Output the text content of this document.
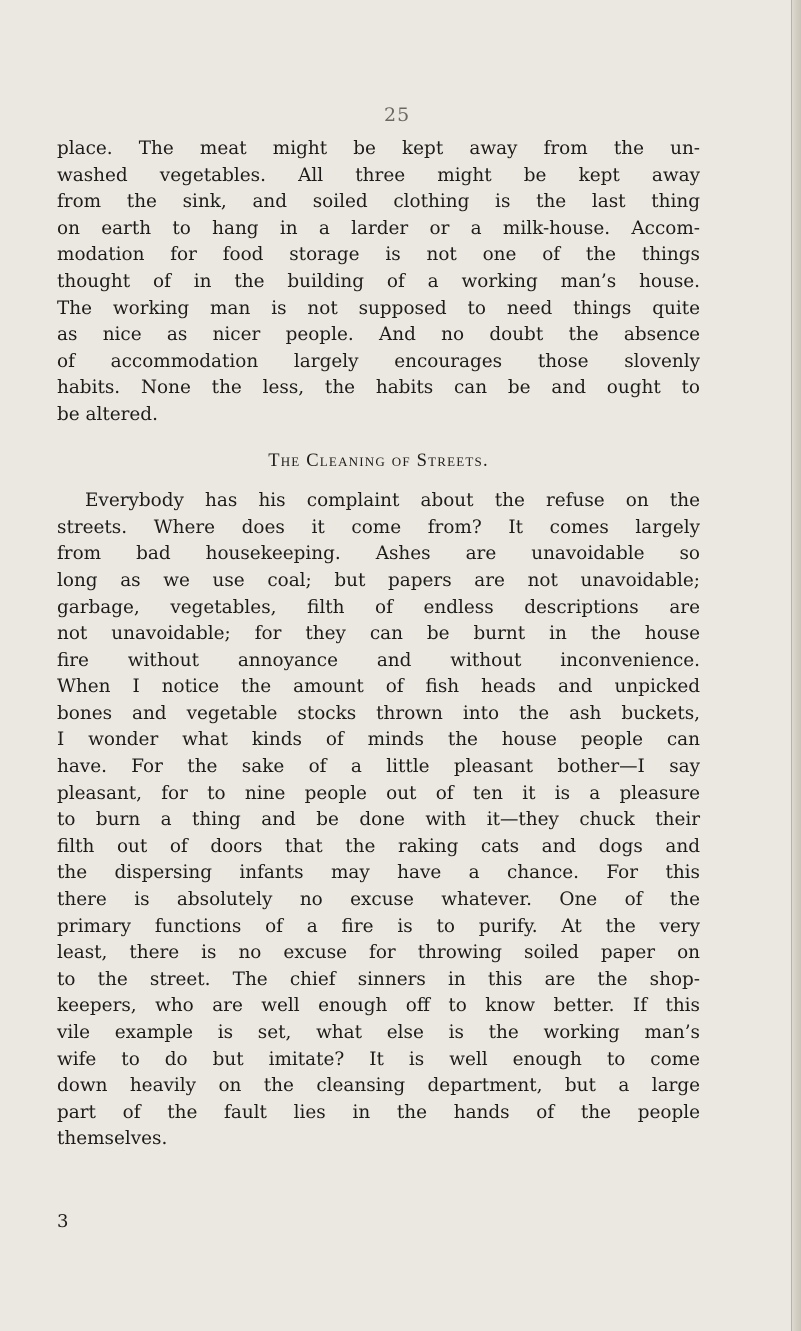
25
place. The meat might be kept away from the un-
washed vegetables. All three might be kept away
from the sink, and soiled clothing is the last thing
on earth to hang in a larder or a milk-house. Accom-
modation for food storage is not one of the things
thought of in the building of a working man’s house.
The working man is not supposed to need things quite
as nice as nicer people. And no doubt the absence
of accommodation largely encourages those slovenly
habits. None the less, the habits can be and ought to
be altered.
The Cleaning of Streets.
Everybody has his complaint about the refuse on the
streets. Where does it come from? It comes largely
from bad housekeeping. Ashes are unavoidable so
long as we use coal; but papers are not unavoidable;
garbage, vegetables, filth of endless descriptions are
not unavoidable; for they can be burnt in the house
fire without annoyance and without inconvenience.
When I notice the amount of fish heads and unpicked
bones and vegetable stocks thrown into the ash buckets,
I wonder what kinds of minds the house people can
have. For the sake of a little pleasant bother—I say
pleasant, for to nine people out of ten it is a pleasure
to burn a thing and be done with it—they chuck their
filth out of doors that the raking cats and dogs and
the dispersing infants may have a chance. For this
there is absolutely no excuse whatever. One of the
primary functions of a fire is to purify. At the very
least, there is no excuse for throwing soiled paper on
to the street. The chief sinners in this are the shop-
keepers, who are well enough off to know better. If this
vile example is set, what else is the working man’s
wife to do but imitate? It is well enough to come
down heavily on the cleansing department, but a large
part of the fault lies in the hands of the people
themselves.
3
